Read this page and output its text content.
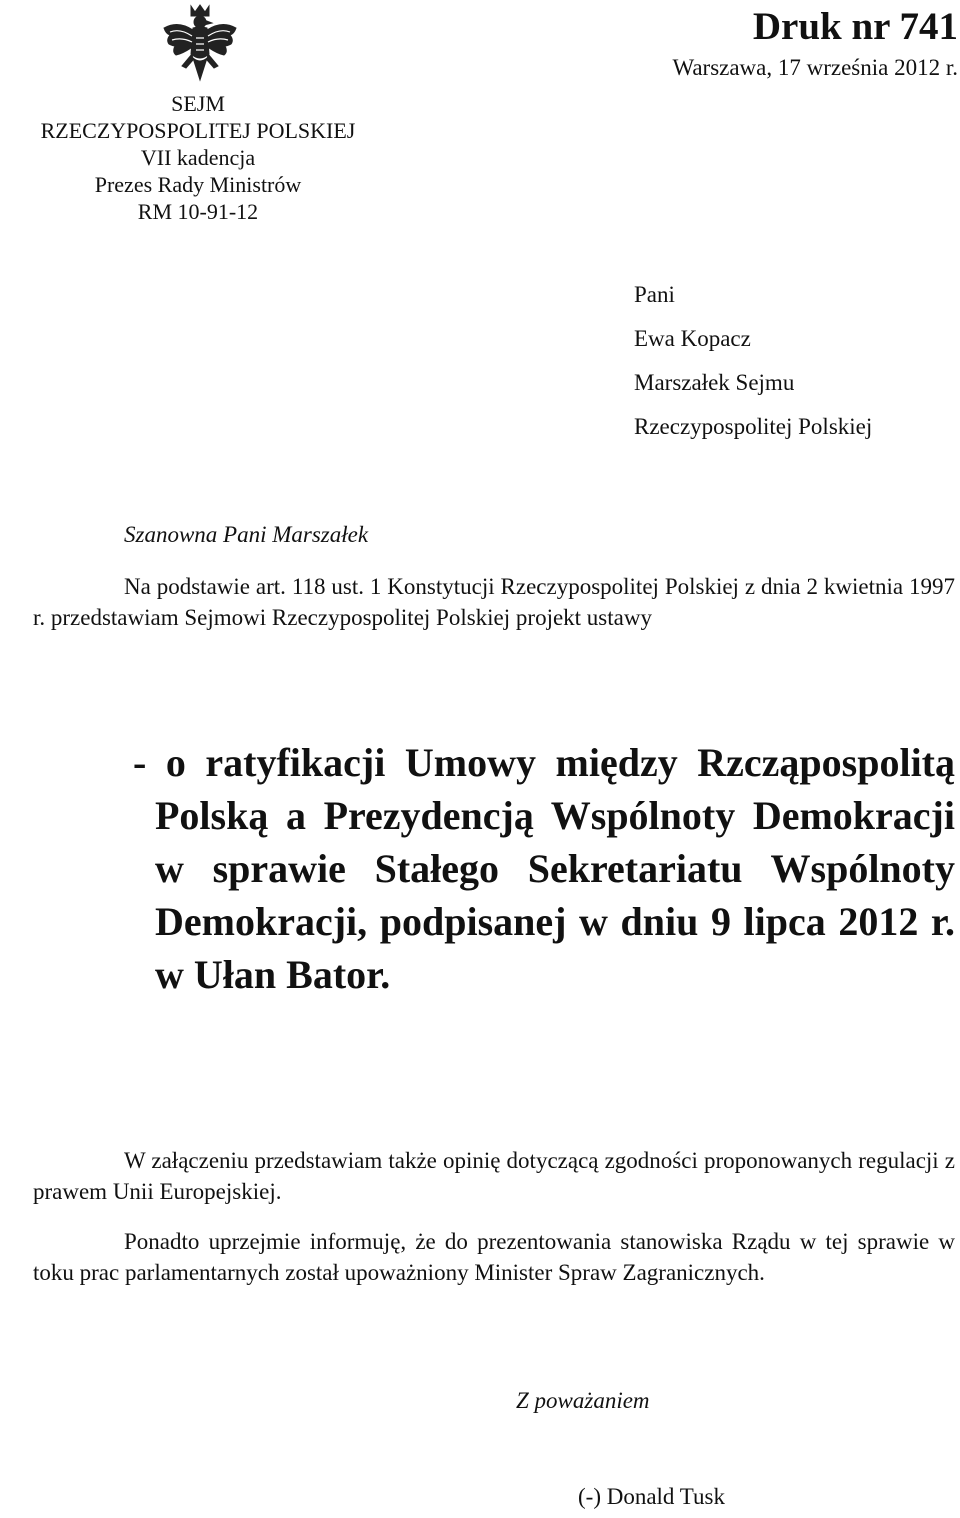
SEJM
RZECZYPOSPOLITEJ POLSKIEJ
VII kadencja
Prezes Rady Ministrów
RM 10-91-12
Druk nr 741
Warszawa, 17 września 2012 r.
Pani
Ewa Kopacz
Marszałek Sejmu
Rzeczypospolitej Polskiej
Szanowna Pani Marszałek
Na podstawie art. 118 ust. 1 Konstytucji Rzeczypospolitej Polskiej z dnia 2 kwietnia 1997 r. przedstawiam Sejmowi Rzeczypospolitej Polskiej projekt ustawy
- o ratyfikacji Umowy między Rzcząpospolitą Polską a Prezydencją Wspólnoty Demokracji w sprawie Stałego Sekretariatu Wspólnoty Demokracji, podpisanej w dniu 9 lipca 2012 r. w Ułan Bator.
W załączeniu przedstawiam także opinię dotyczącą zgodności proponowanych regulacji z prawem Unii Europejskiej.
Ponadto uprzejmie informuję, że do prezentowania stanowiska Rządu w tej sprawie w toku prac parlamentarnych został upoważniony Minister Spraw Zagranicznych.
Z poważaniem
(-) Donald Tusk
